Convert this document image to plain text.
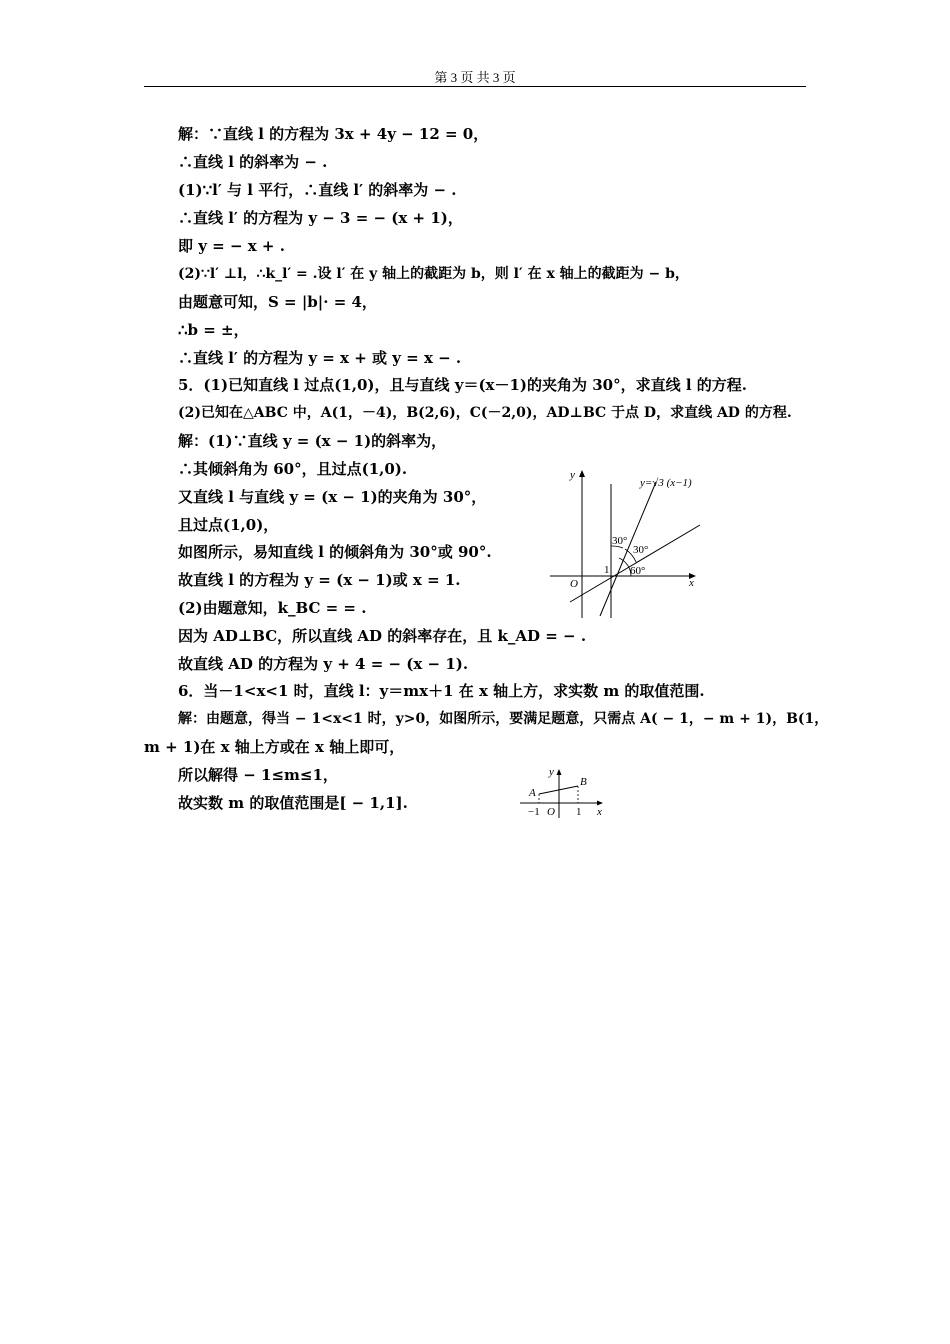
第 3 页 共 3 页
解：∵直线 l 的方程为 3x + 4y − 12 = 0，
∴直线 l 的斜率为 − .
(1)∵l′ 与 l 平行，∴直线 l′ 的斜率为 − .
∴直线 l′ 的方程为 y − 3 = − (x + 1)，
即 y = − x + .
(2)∵l′ ⊥l，∴k_l′ = .设 l′ 在 y 轴上的截距为 b，则 l′ 在 x 轴上的截距为 − b，
由题意可知，S = |b|· = 4，
∴b = ±，
∴直线 l′ 的方程为 y = x + 或 y = x − .
5．(1)已知直线 l 过点(1,0)，且与直线 y＝(x－1)的夹角为 30°，求直线 l 的方程.
(2)已知在△ABC 中，A(1，－4)，B(2,6)，C(－2,0)，AD⊥BC 于点 D，求直线 AD 的方程.
解：(1)∵直线 y = (x − 1)的斜率为，
∴其倾斜角为 60°，且过点(1,0).
又直线 l 与直线 y = (x − 1)的夹角为 30°，
且过点(1,0)，
如图所示，易知直线 l 的倾斜角为 30°或 90°.
故直线 l 的方程为 y = (x − 1)或 x = 1.
(2)由题意知，k_BC = = .
因为 AD⊥BC，所以直线 AD 的斜率存在，且 k_AD = − .
故直线 AD 的方程为 y + 4 = − (x − 1).
6．当－1<x<1 时，直线 l：y＝mx＋1 在 x 轴上方，求实数 m 的取值范围.
解：由题意，得当 − 1<x<1 时，y>0，如图所示，要满足题意，只需点 A( − 1，− m + 1)，B(1，
m + 1)在 x 轴上方或在 x 轴上即可，
所以解得 − 1≤m≤1，
故实数 m 的取值范围是[ − 1,1].
y
x
O
1
30°
30°
60°
y=√3 (x−1)
y
x
A
B
−1 O 1
